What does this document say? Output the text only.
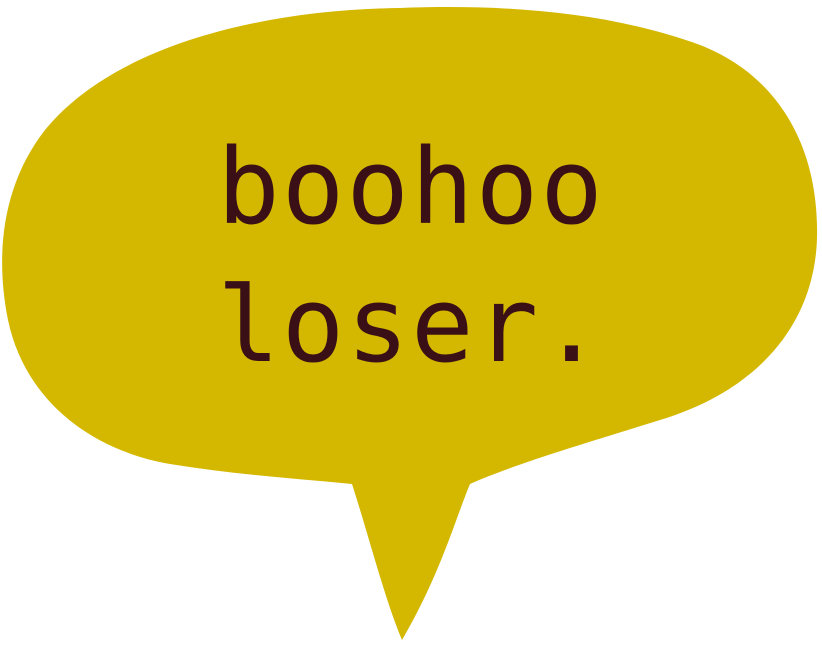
boohoo
loser.
